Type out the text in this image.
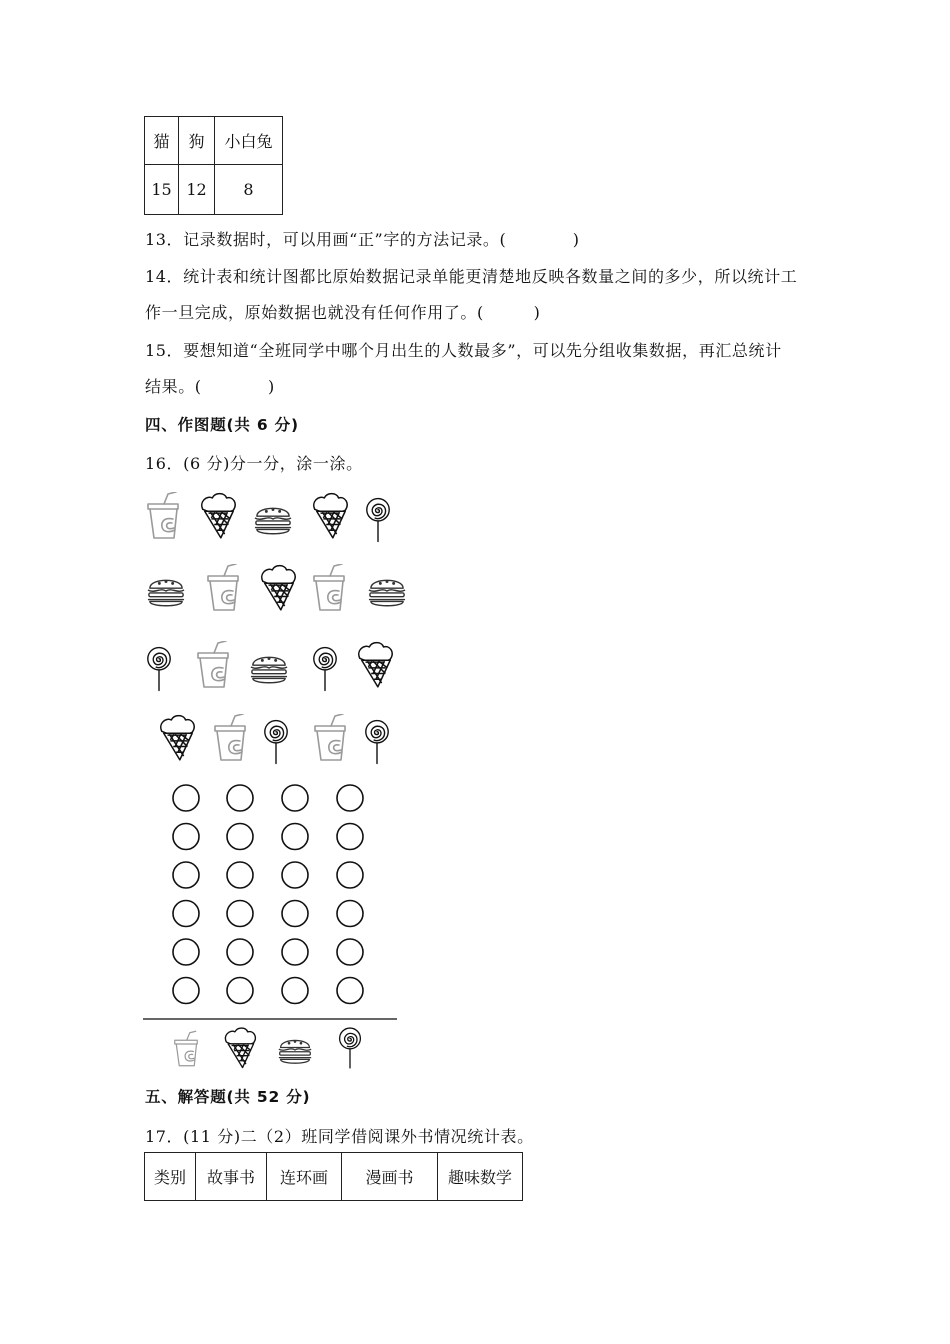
猫	狗	小白兔
15	12	8
13．记录数据时，可以用画“正”字的方法记录。(　　　　)
14．统计表和统计图都比原始数据记录单能更清楚地反映各数量之间的多少，所以统计工
作一旦完成，原始数据也就没有任何作用了。(　　　)
15．要想知道“全班同学中哪个月出生的人数最多”，可以先分组收集数据，再汇总统计
结果。(　　　　)
四、作图题(共 6 分)
16．(6 分)分一分，涂一涂。
五、解答题(共 52 分)
17．(11 分)二（2）班同学借阅课外书情况统计表。
类别	故事书	连环画	漫画书	趣味数学
